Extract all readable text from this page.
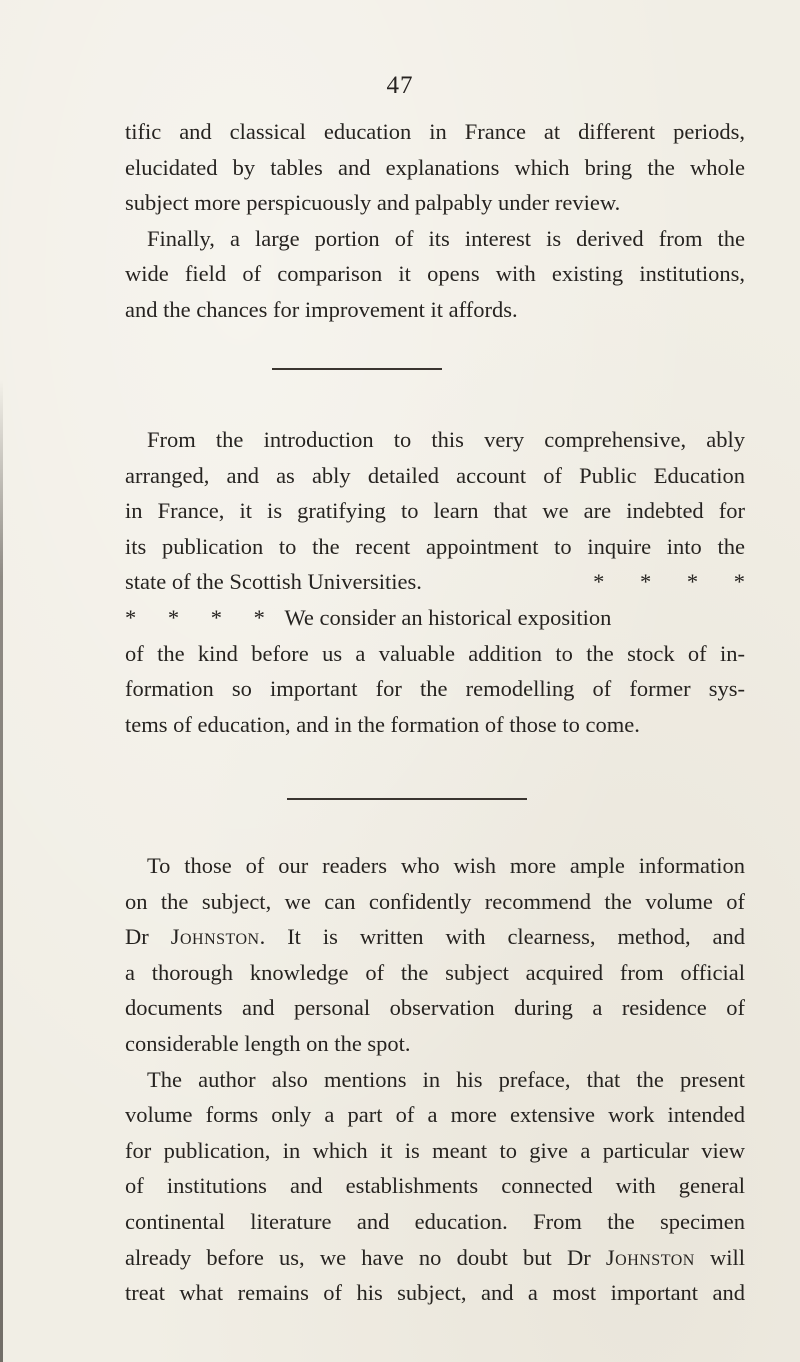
47
tific and classical education in France at different periods,
elucidated by tables and explanations which bring the whole
subject more perspicuously and palpably under review.
Finally, a large portion of its interest is derived from the
wide field of comparison it opens with existing institutions,
and the chances for improvement it affords.
From the introduction to this very comprehensive, ably
arranged, and as ably detailed account of Public Education
in France, it is gratifying to learn that we are indebted for
its publication to the recent appointment to inquire into the
state of the Scottish Universities.	* * * *
* * * * We consider an historical exposition
of the kind before us a valuable addition to the stock of in-
formation so important for the remodelling of former sys-
tems of education, and in the formation of those to come.
To those of our readers who wish more ample information
on the subject, we can confidently recommend the volume of
Dr Johnston. It is written with clearness, method, and
a thorough knowledge of the subject acquired from official
documents and personal observation during a residence of
considerable length on the spot.
The author also mentions in his preface, that the present
volume forms only a part of a more extensive work intended
for publication, in which it is meant to give a particular view
of institutions and establishments connected with general
continental literature and education. From the specimen
already before us, we have no doubt but Dr Johnston will
treat what remains of his subject, and a most important and
